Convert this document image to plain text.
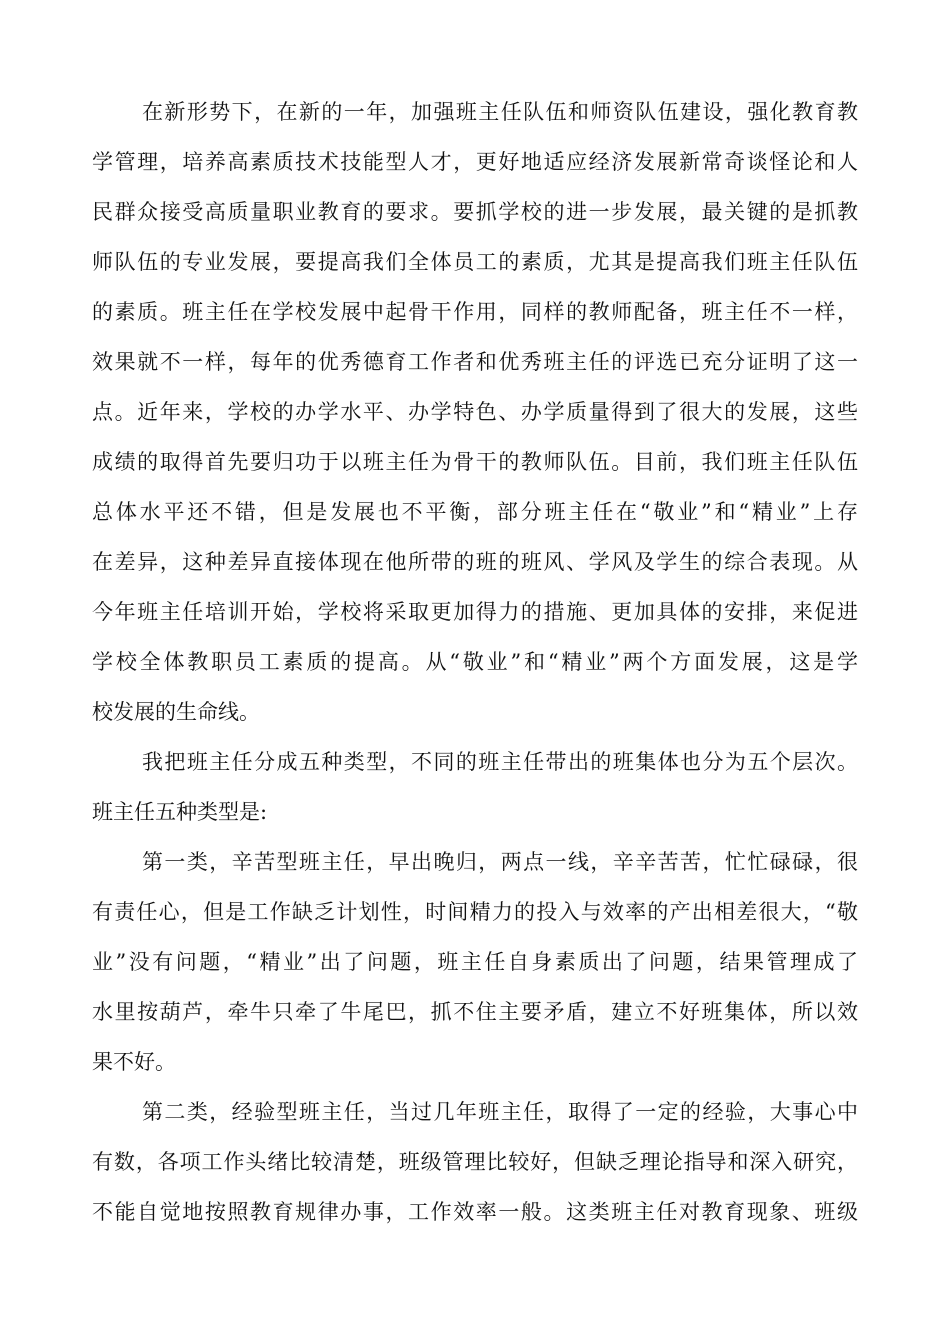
在新形势下，在新的一年，加强班主任队伍和师资队伍建设，强化教育教
学管理，培养高素质技术技能型人才，更好地适应经济发展新常奇谈怪论和人
民群众接受高质量职业教育的要求。要抓学校的进一步发展，最关键的是抓教
师队伍的专业发展，要提高我们全体员工的素质，尤其是提高我们班主任队伍
的素质。班主任在学校发展中起骨干作用，同样的教师配备，班主任不一样，
效果就不一样，每年的优秀德育工作者和优秀班主任的评选已充分证明了这一
点。近年来，学校的办学水平、办学特色、办学质量得到了很大的发展，这些
成绩的取得首先要归功于以班主任为骨干的教师队伍。目前，我们班主任队伍
总体水平还不错，但是发展也不平衡，部分班主任在“敬业”和“精业”上存
在差异，这种差异直接体现在他所带的班的班风、学风及学生的综合表现。从
今年班主任培训开始，学校将采取更加得力的措施、更加具体的安排，来促进
学校全体教职员工素质的提高。从“敬业”和“精业”两个方面发展，这是学
校发展的生命线。
我把班主任分成五种类型，不同的班主任带出的班集体也分为五个层次。
班主任五种类型是:
第一类，辛苦型班主任，早出晚归，两点一线，辛辛苦苦，忙忙碌碌，很
有责任心，但是工作缺乏计划性，时间精力的投入与效率的产出相差很大，“敬
业”没有问题，“精业”出了问题，班主任自身素质出了问题，结果管理成了
水里按葫芦，牵牛只牵了牛尾巴，抓不住主要矛盾，建立不好班集体，所以效
果不好。
第二类，经验型班主任，当过几年班主任，取得了一定的经验，大事心中
有数，各项工作头绪比较清楚，班级管理比较好，但缺乏理论指导和深入研究，
不能自觉地按照教育规律办事，工作效率一般。这类班主任对教育现象、班级
